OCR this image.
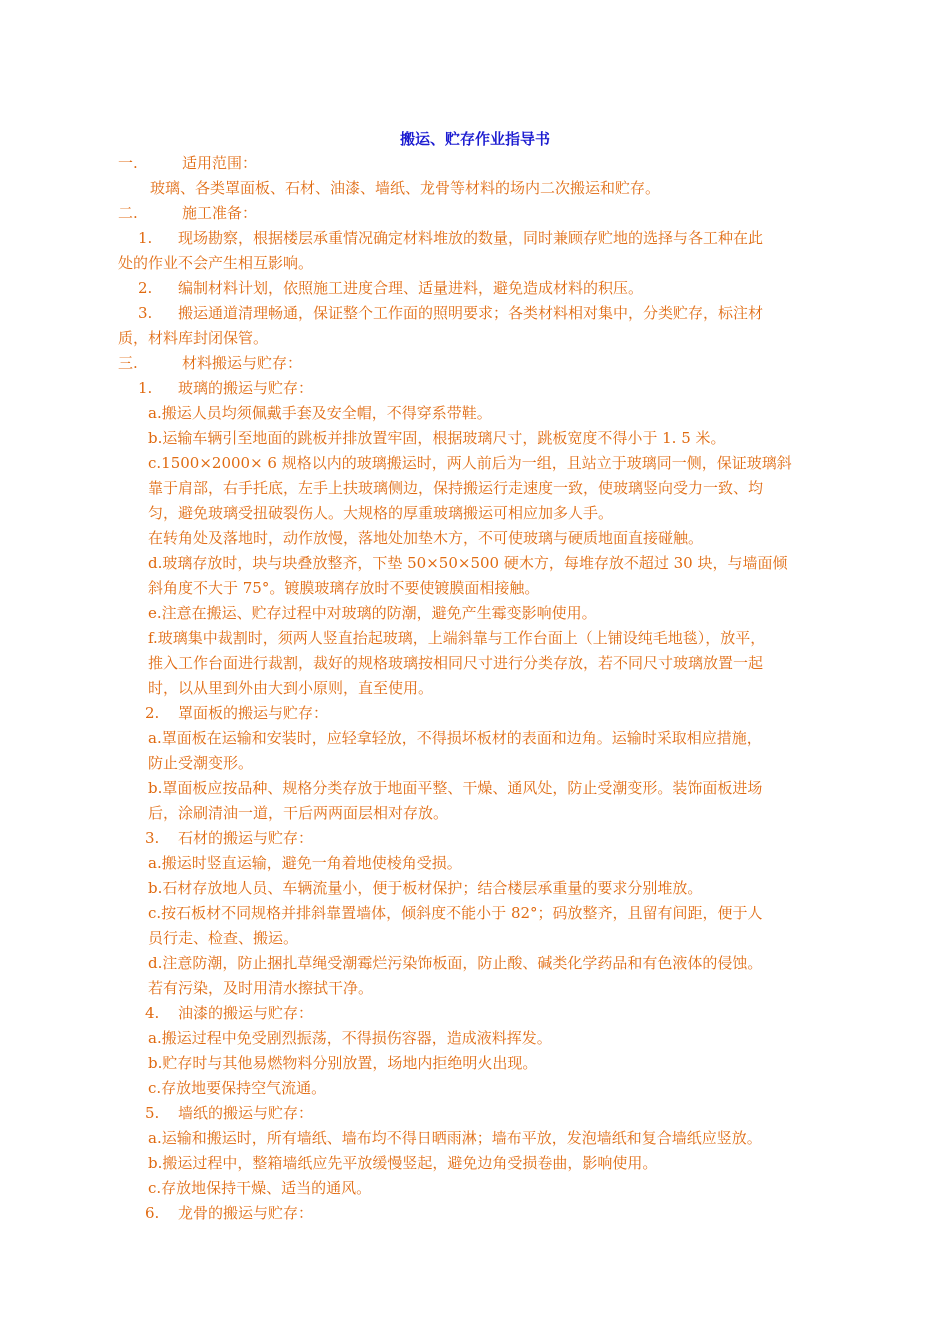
搬运、贮存作业指导书
一.	适用范围：
玻璃、各类罩面板、石材、油漆、墙纸、龙骨等材料的场内二次搬运和贮存。
二.	施工准备：
1. 现场勘察，根据楼层承重情况确定材料堆放的数量，同时兼顾存贮地的选择与各工种在此
处的作业不会产生相互影响。
2. 编制材料计划，依照施工进度合理、适量进料，避免造成材料的积压。
3. 搬运通道清理畅通，保证整个工作面的照明要求；各类材料相对集中，分类贮存，标注材
质，材料库封闭保管。
三.	材料搬运与贮存：
1. 玻璃的搬运与贮存：
a.搬运人员均须佩戴手套及安全帽，不得穿系带鞋。
b.运输车辆引至地面的跳板并排放置牢固，根据玻璃尺寸，跳板宽度不得小于 1. 5 米。
c.1500×2000× 6 规格以内的玻璃搬运时，两人前后为一组，且站立于玻璃同一侧，保证玻璃斜
靠于肩部，右手托底，左手上扶玻璃侧边，保持搬运行走速度一致，使玻璃竖向受力一致、均
匀，避免玻璃受扭破裂伤人。大规格的厚重玻璃搬运可相应加多人手。
在转角处及落地时，动作放慢，落地处加垫木方，不可使玻璃与硬质地面直接碰触。
d.玻璃存放时，块与块叠放整齐，下垫 50×50×500 硬木方，每堆存放不超过 30 块，与墙面倾
斜角度不大于 75°。镀膜玻璃存放时不要使镀膜面相接触。
e.注意在搬运、贮存过程中对玻璃的防潮，避免产生霉变影响使用。
f.玻璃集中裁割时，须两人竖直抬起玻璃，上端斜靠与工作台面上（上铺设纯毛地毯），放平，
推入工作台面进行裁割，裁好的规格玻璃按相同尺寸进行分类存放，若不同尺寸玻璃放置一起
时，以从里到外由大到小原则，直至使用。
2. 罩面板的搬运与贮存：
a.罩面板在运输和安装时，应轻拿轻放，不得损坏板材的表面和边角。运输时采取相应措施，
防止受潮变形。
b.罩面板应按品种、规格分类存放于地面平整、干燥、通风处，防止受潮变形。装饰面板进场
后，涂刷清油一道，干后两两面层相对存放。
3. 石材的搬运与贮存：
a.搬运时竖直运输，避免一角着地使棱角受损。
b.石材存放地人员、车辆流量小，便于板材保护；结合楼层承重量的要求分别堆放。
c.按石板材不同规格并排斜靠置墙体，倾斜度不能小于 82°；码放整齐，且留有间距，便于人
员行走、检查、搬运。
d.注意防潮，防止捆扎草绳受潮霉烂污染饰板面，防止酸、碱类化学药品和有色液体的侵蚀。
若有污染，及时用清水擦拭干净。
4. 油漆的搬运与贮存：
a.搬运过程中免受剧烈振荡，不得损伤容器，造成液料挥发。
b.贮存时与其他易燃物料分别放置，场地内拒绝明火出现。
c.存放地要保持空气流通。
5. 墙纸的搬运与贮存：
a.运输和搬运时，所有墙纸、墙布均不得日晒雨淋；墙布平放，发泡墙纸和复合墙纸应竖放。
b.搬运过程中，整箱墙纸应先平放缓慢竖起，避免边角受损卷曲，影响使用。
c.存放地保持干燥、适当的通风。
6. 龙骨的搬运与贮存：
